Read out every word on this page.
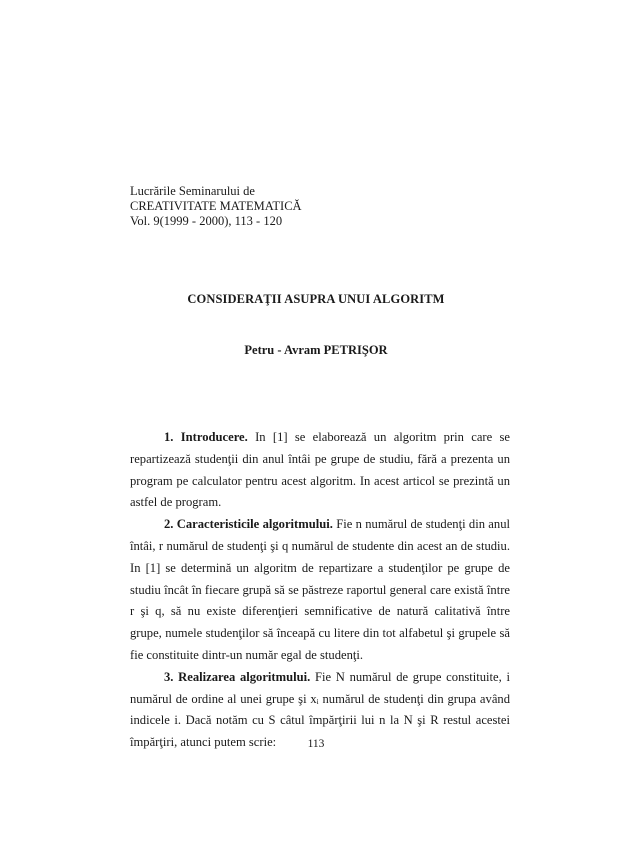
Lucrările Seminarului de
CREATIVITATE MATEMATICĂ
Vol. 9(1999 - 2000), 113 - 120
CONSIDERAŢII ASUPRA UNUI ALGORITM
Petru - Avram PETRIŞOR

1. Introducere. In [1] se elaborează un algoritm prin care se repartizează studenţii din anul întâi pe grupe de studiu, fără a prezenta un program pe calculator pentru acest algoritm. In acest articol se prezintă un astfel de program.

2. Caracteristicile algoritmului. Fie n numărul de studenţi din anul întâi, r numărul de studenţi şi q numărul de studente din acest an de studiu. In [1] se determină un algoritm de repartizare a studenţilor pe grupe de studiu încât în fiecare grupă să se păstreze raportul general care există între r şi q, să nu existe diferenţieri semnificative de natură calitativă între grupe, numele studenţilor să înceapă cu litere din tot alfabetul şi grupele să fie constituite dintr-un număr egal de studenţi.

3. Realizarea algoritmului. Fie N numărul de grupe constituite, i numărul de ordine al unei grupe şi xᵢ numărul de studenţi din grupa având indicele i. Dacă notăm cu S câtul împărţirii lui n la N şi R restul acestei împărţiri, atunci putem scrie:	113
